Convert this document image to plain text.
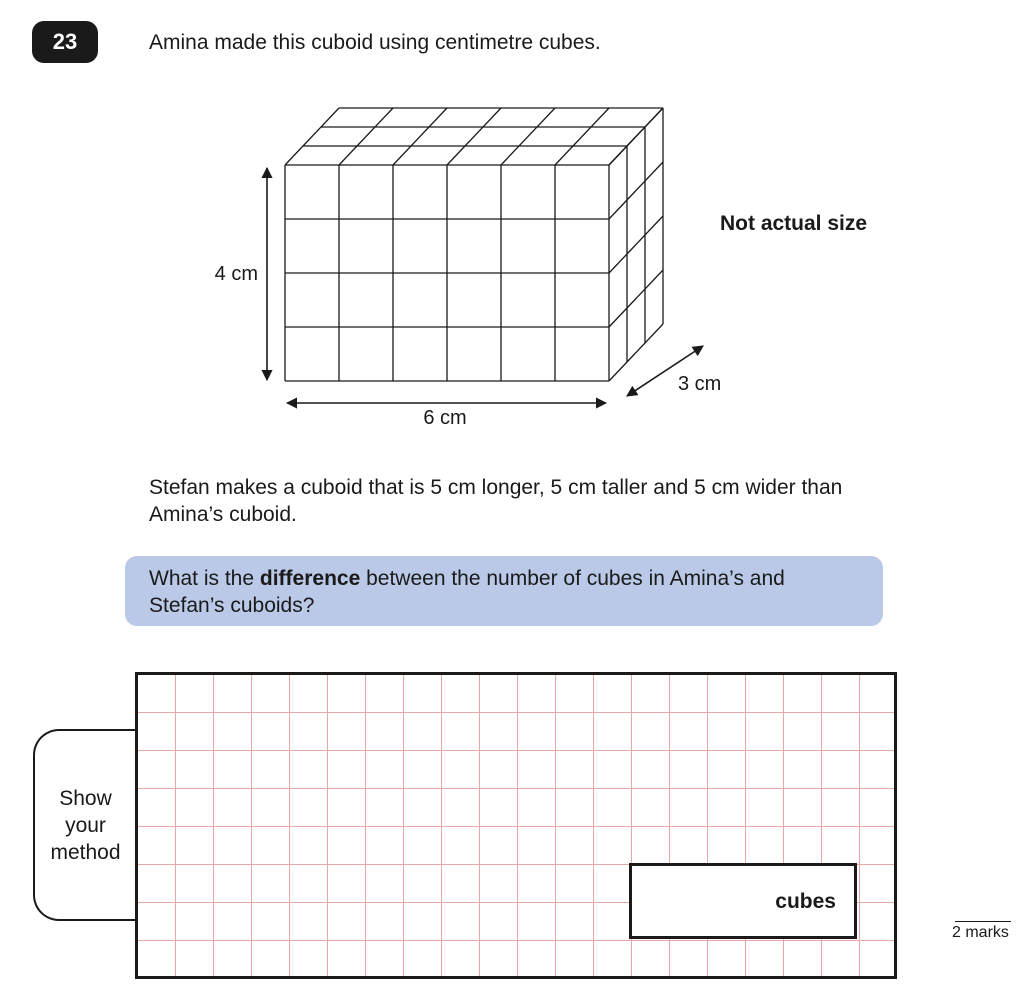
23	Amina made this cuboid using centimetre cubes.
4 cm
6 cm
3 cm
Not actual size
Stefan makes a cuboid that is 5 cm longer, 5 cm taller and 5 cm wider than Amina’s cuboid.
What is the difference between the number of cubes in Amina’s and Stefan’s cuboids?
Show your method
cubes
2 marks
